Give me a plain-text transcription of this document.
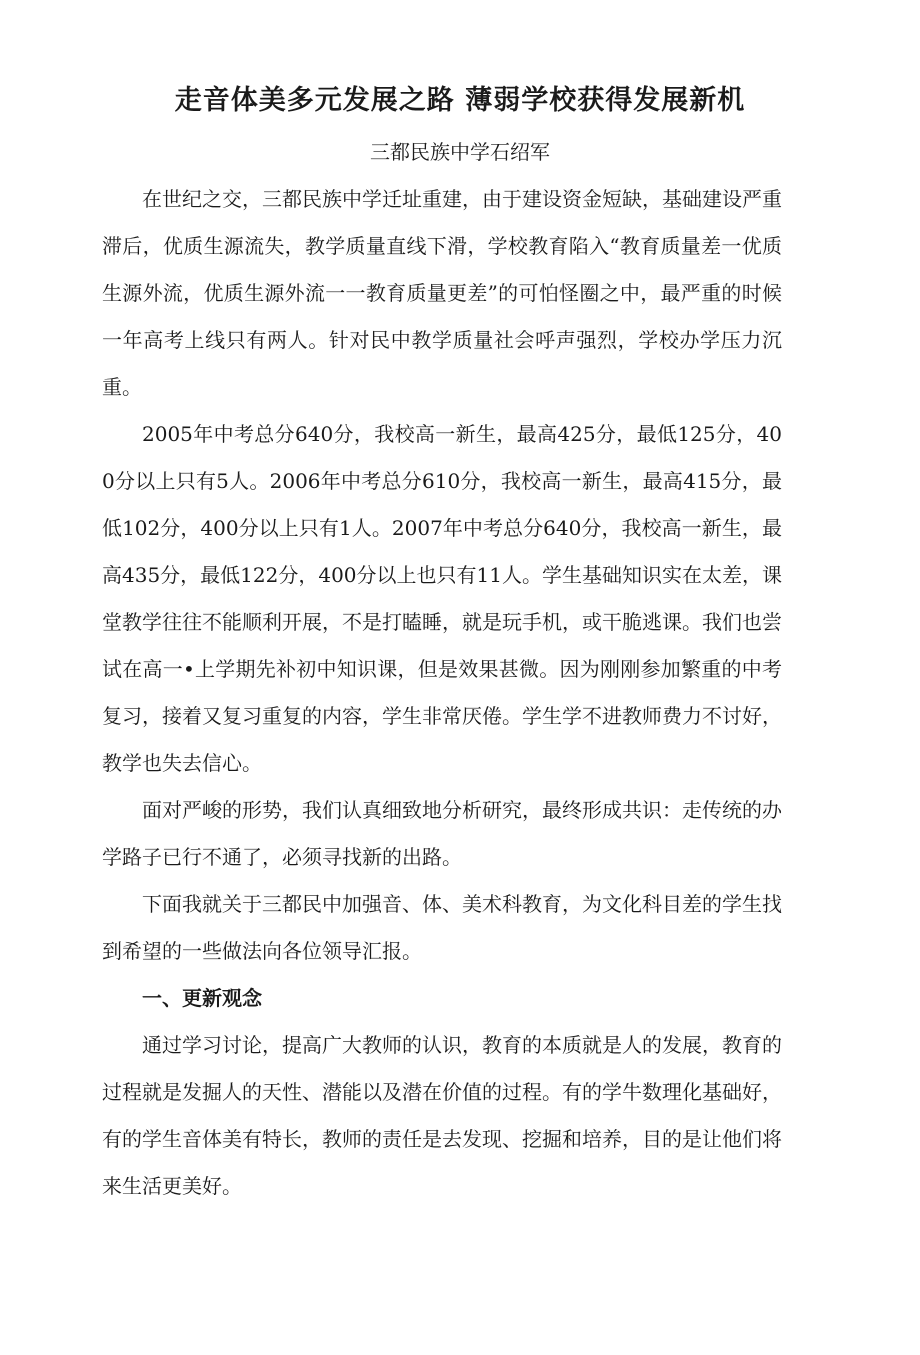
走音体美多元发展之路 薄弱学校获得发展新机

三都民族中学石绍军

在世纪之交，三都民族中学迁址重建，由于建设资金短缺，基础建设严重滞后，优质生源流失，教学质量直线下滑，学校教育陷入“教育质量差一优质生源外流，优质生源外流一一教育质量更差”的可怕怪圈之中，最严重的时候一年高考上线只有两人。针对民中教学质量社会呼声强烈，学校办学压力沉重。

2005年中考总分640分，我校高一新生，最高425分，最低125分，400分以上只有5人。2006年中考总分610分，我校高一新生，最高415分，最低102分，400分以上只有1人。2007年中考总分640分，我校高一新生，最高435分，最低122分，400分以上也只有11人。学生基础知识实在太差，课堂教学往往不能顺利开展，不是打瞌睡，就是玩手机，或干脆逃课。我们也尝试在高一•上学期先补初中知识课，但是效果甚微。因为刚刚参加繁重的中考复习，接着又复习重复的内容，学生非常厌倦。学生学不进教师费力不讨好，教学也失去信心。

面对严峻的形势，我们认真细致地分析研究，最终形成共识：走传统的办学路子已行不通了，必须寻找新的出路。

下面我就关于三都民中加强音、体、美术科教育，为文化科目差的学生找到希望的一些做法向各位领导汇报。

一、更新观念

通过学习讨论，提高广大教师的认识，教育的本质就是人的发展，教育的过程就是发掘人的天性、潜能以及潜在价值的过程。有的学牛数理化基础好，有的学生音体美有特长，教师的责任是去发现、挖掘和培养，目的是让他们将来生活更美好。
